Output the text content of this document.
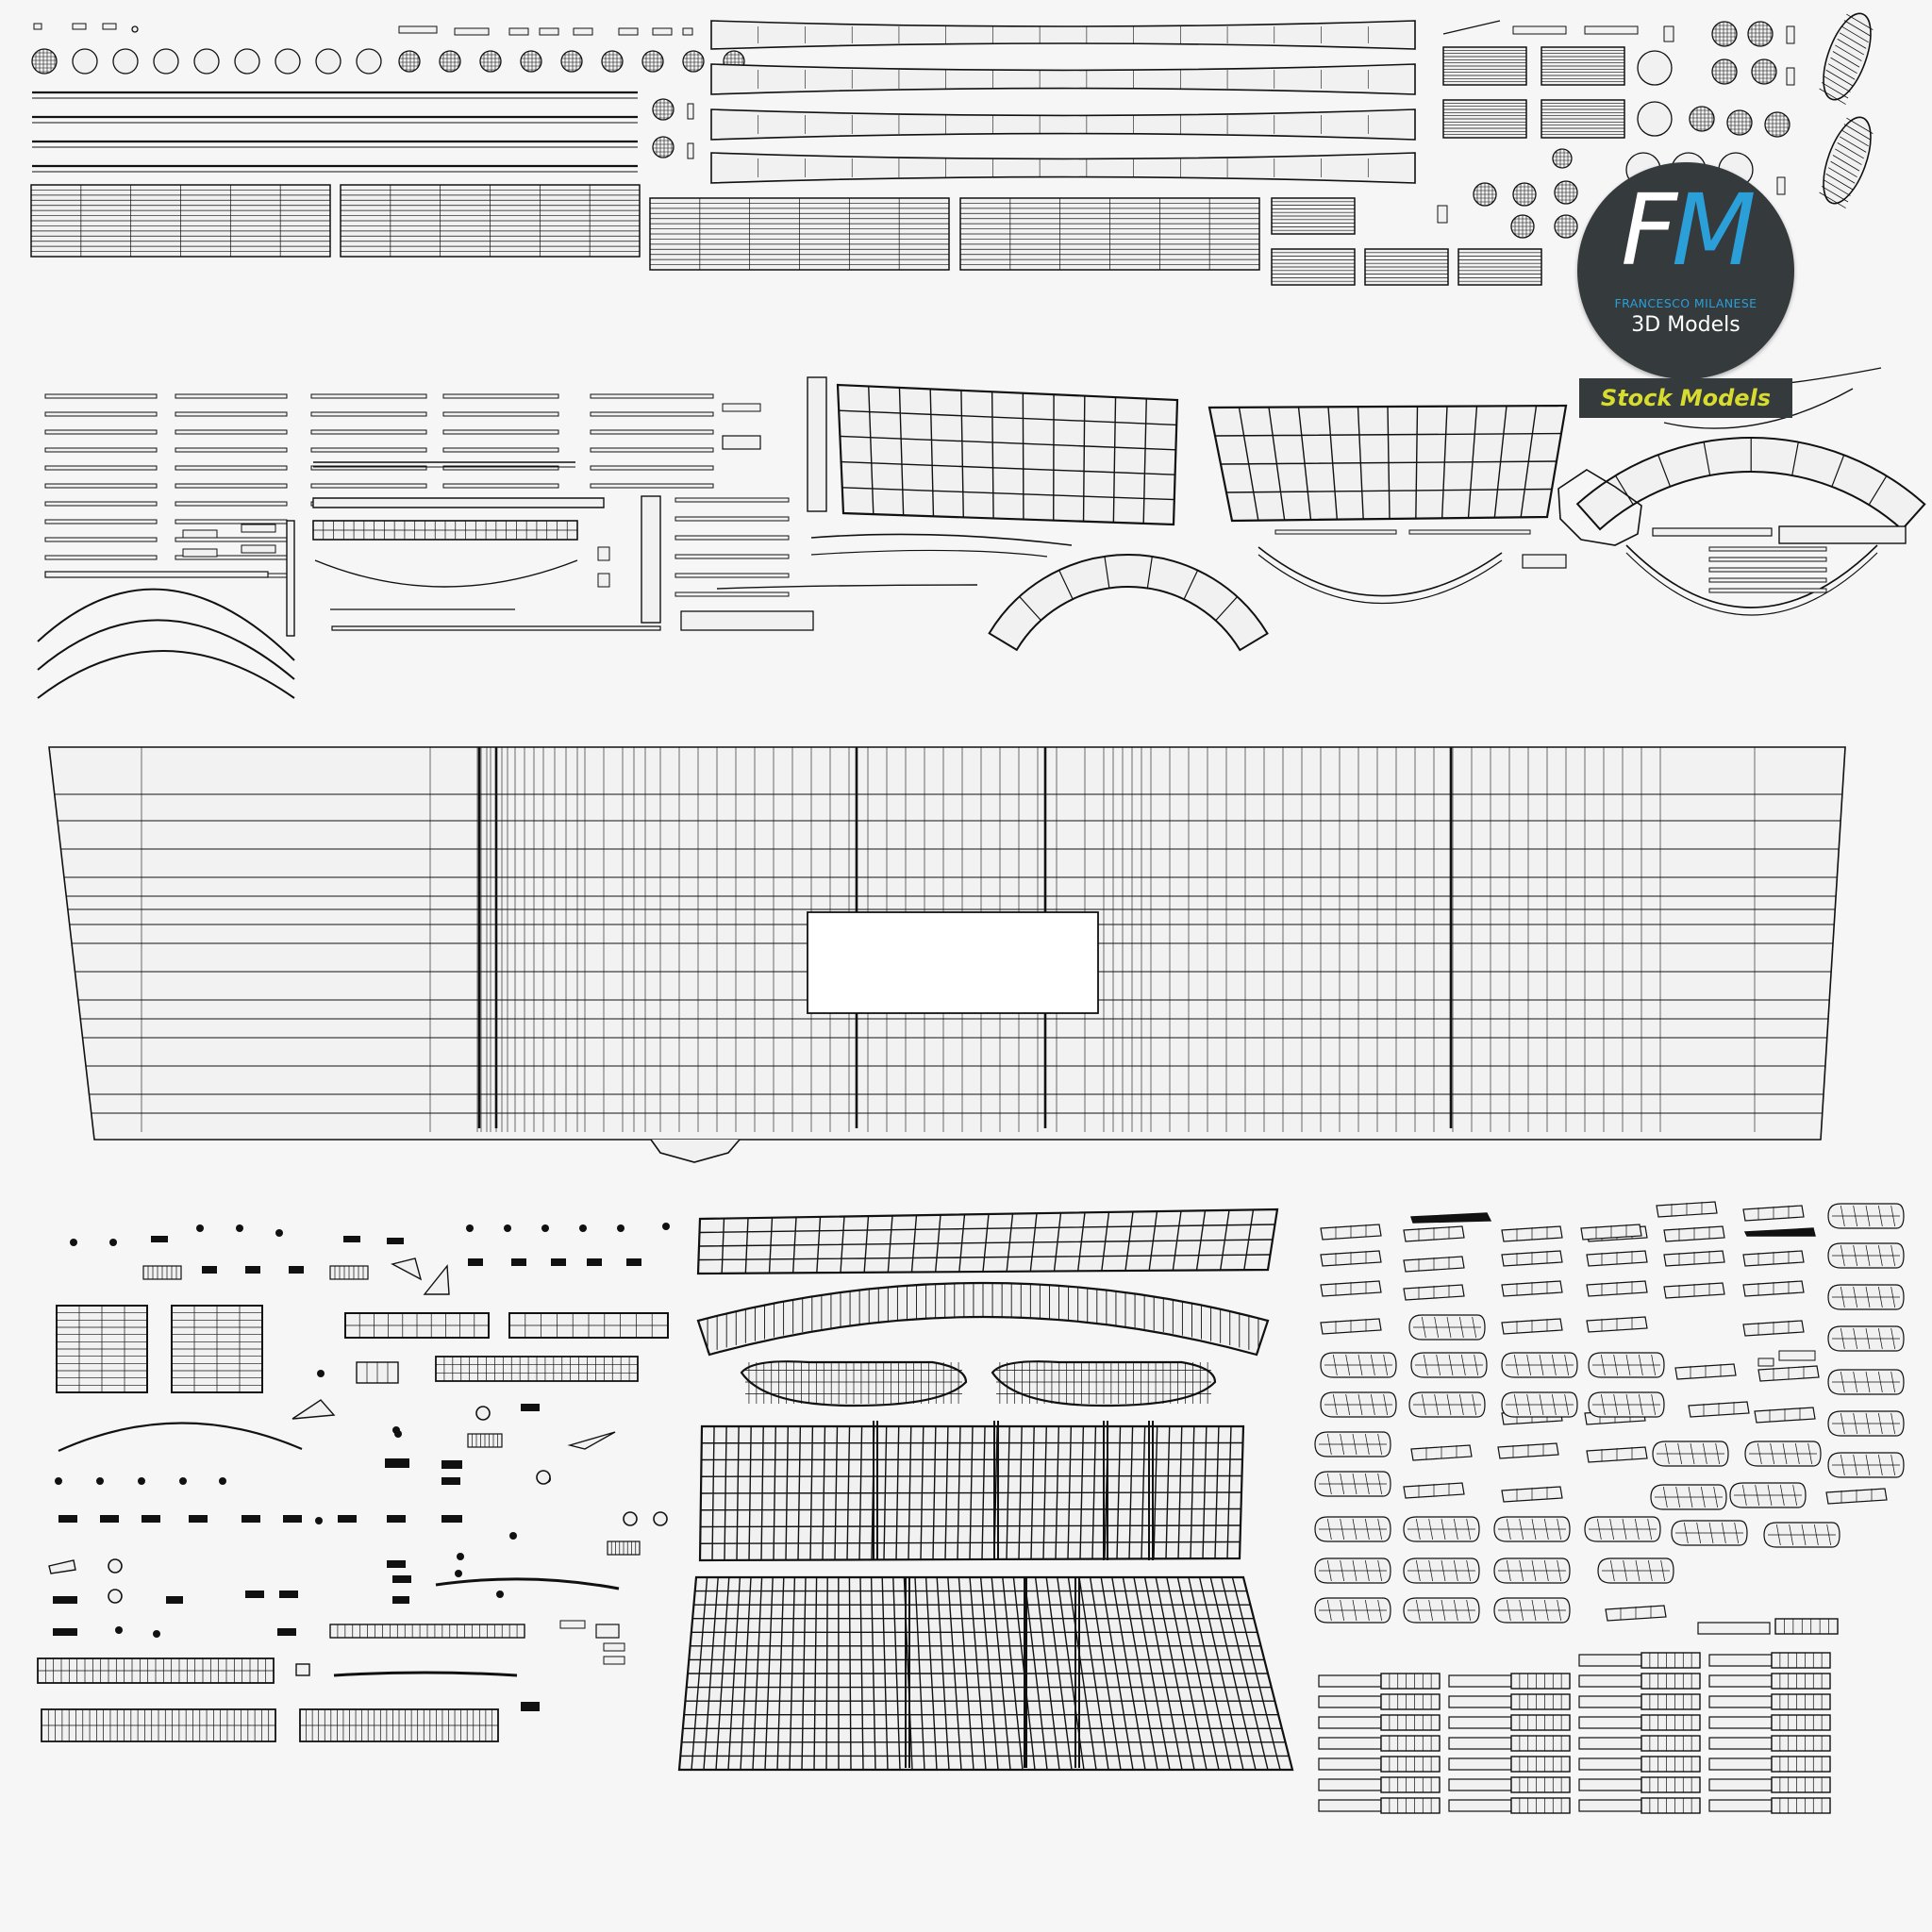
FM
FRANCESCO MILANESE
3D Models
Stock Models
